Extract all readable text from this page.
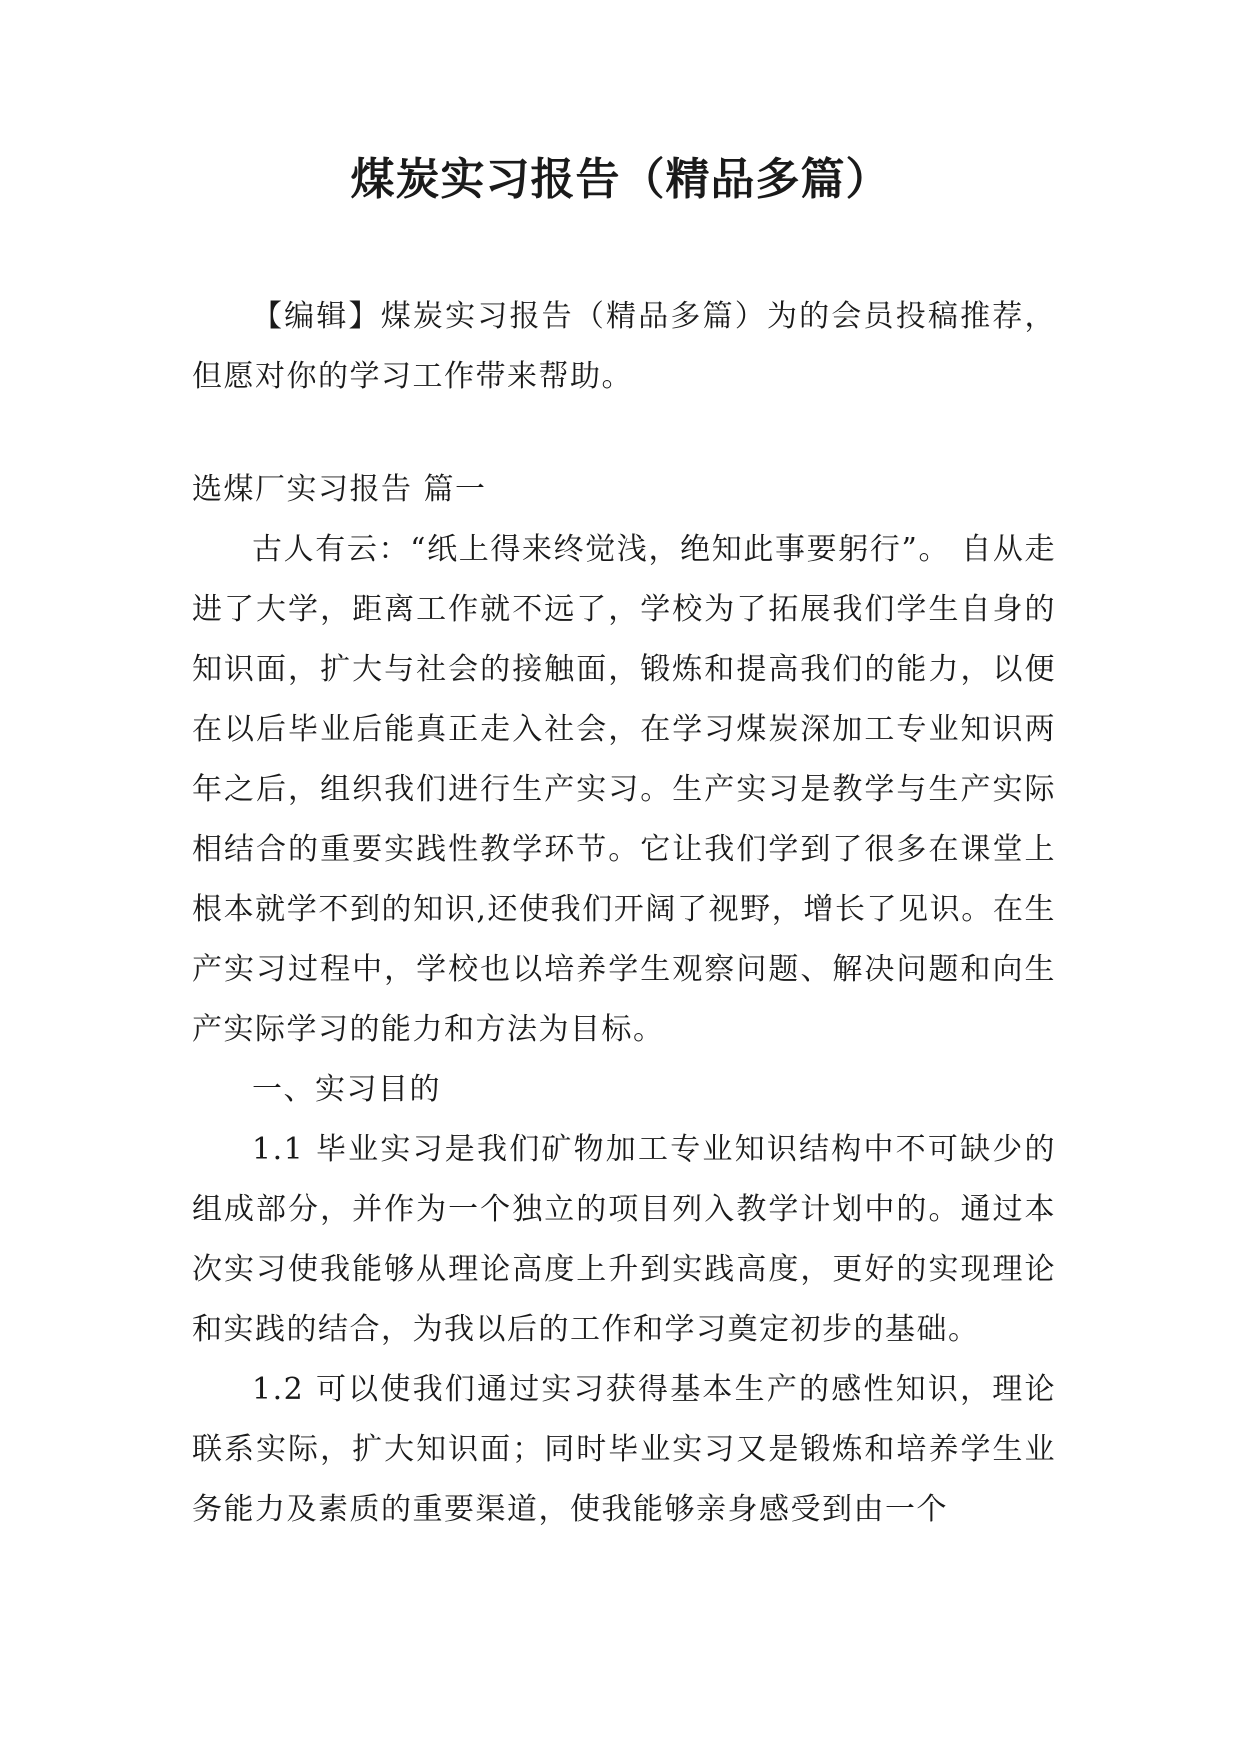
煤炭实习报告（精品多篇）

【编辑】煤炭实习报告（精品多篇）为的会员投稿推荐，但愿对你的学习工作带来帮助。

选煤厂实习报告 篇一

古人有云：“纸上得来终觉浅，绝知此事要躬行”。 自从走进了大学，距离工作就不远了，学校为了拓展我们学生自身的知识面，扩大与社会的接触面，锻炼和提高我们的能力，以便在以后毕业后能真正走入社会，在学习煤炭深加工专业知识两年之后，组织我们进行生产实习。生产实习是教学与生产实际相结合的重要实践性教学环节。它让我们学到了很多在课堂上根本就学不到的知识,还使我们开阔了视野，增长了见识。在生产实习过程中，学校也以培养学生观察问题、解决问题和向生产实际学习的能力和方法为目标。

一、实习目的

1.1 毕业实习是我们矿物加工专业知识结构中不可缺少的组成部分，并作为一个独立的项目列入教学计划中的。通过本次实习使我能够从理论高度上升到实践高度，更好的实现理论和实践的结合，为我以后的工作和学习奠定初步的基础。

1.2 可以使我们通过实习获得基本生产的感性知识，理论联系实际，扩大知识面；同时毕业实习又是锻炼和培养学生业务能力及素质的重要渠道，使我能够亲身感受到由一个
